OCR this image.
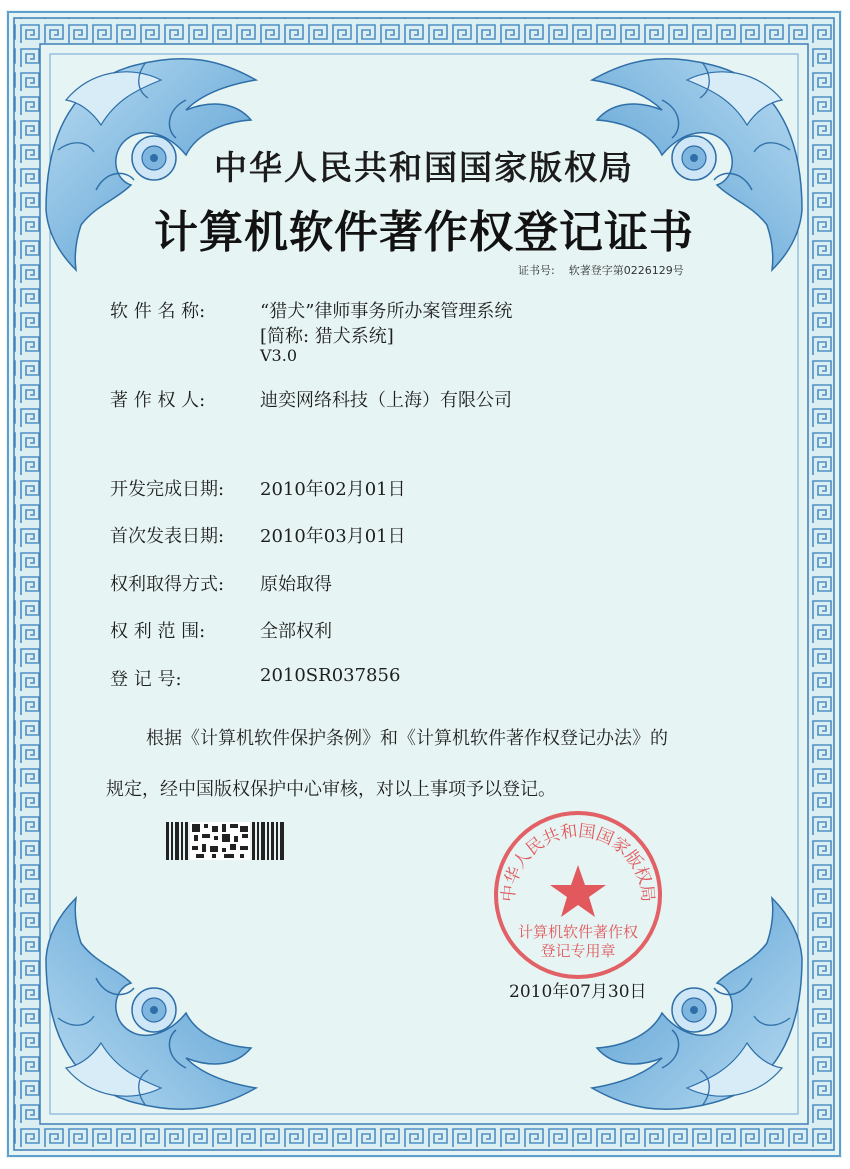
中华人民共和国国家版权局
计算机软件著作权登记证书
证书号: 软著登字第0226129号
软 件 名 称:	“猎犬”律师事务所办案管理系统
[简称: 猎犬系统]
V3.0
著 作 权 人:	迪奕网络科技（上海）有限公司
开发完成日期: 2010年02月01日
首次发表日期: 2010年03月01日
权利取得方式: 原始取得
权 利 范 围:	全部权利
登 记 号:	2010SR037856
根据《计算机软件保护条例》和《计算机软件著作权登记办法》的
规定，经中国版权保护中心审核，对以上事项予以登记。
中华人民共和国国家版权局
计算机软件著作权
登记专用章
2010年07月30日
